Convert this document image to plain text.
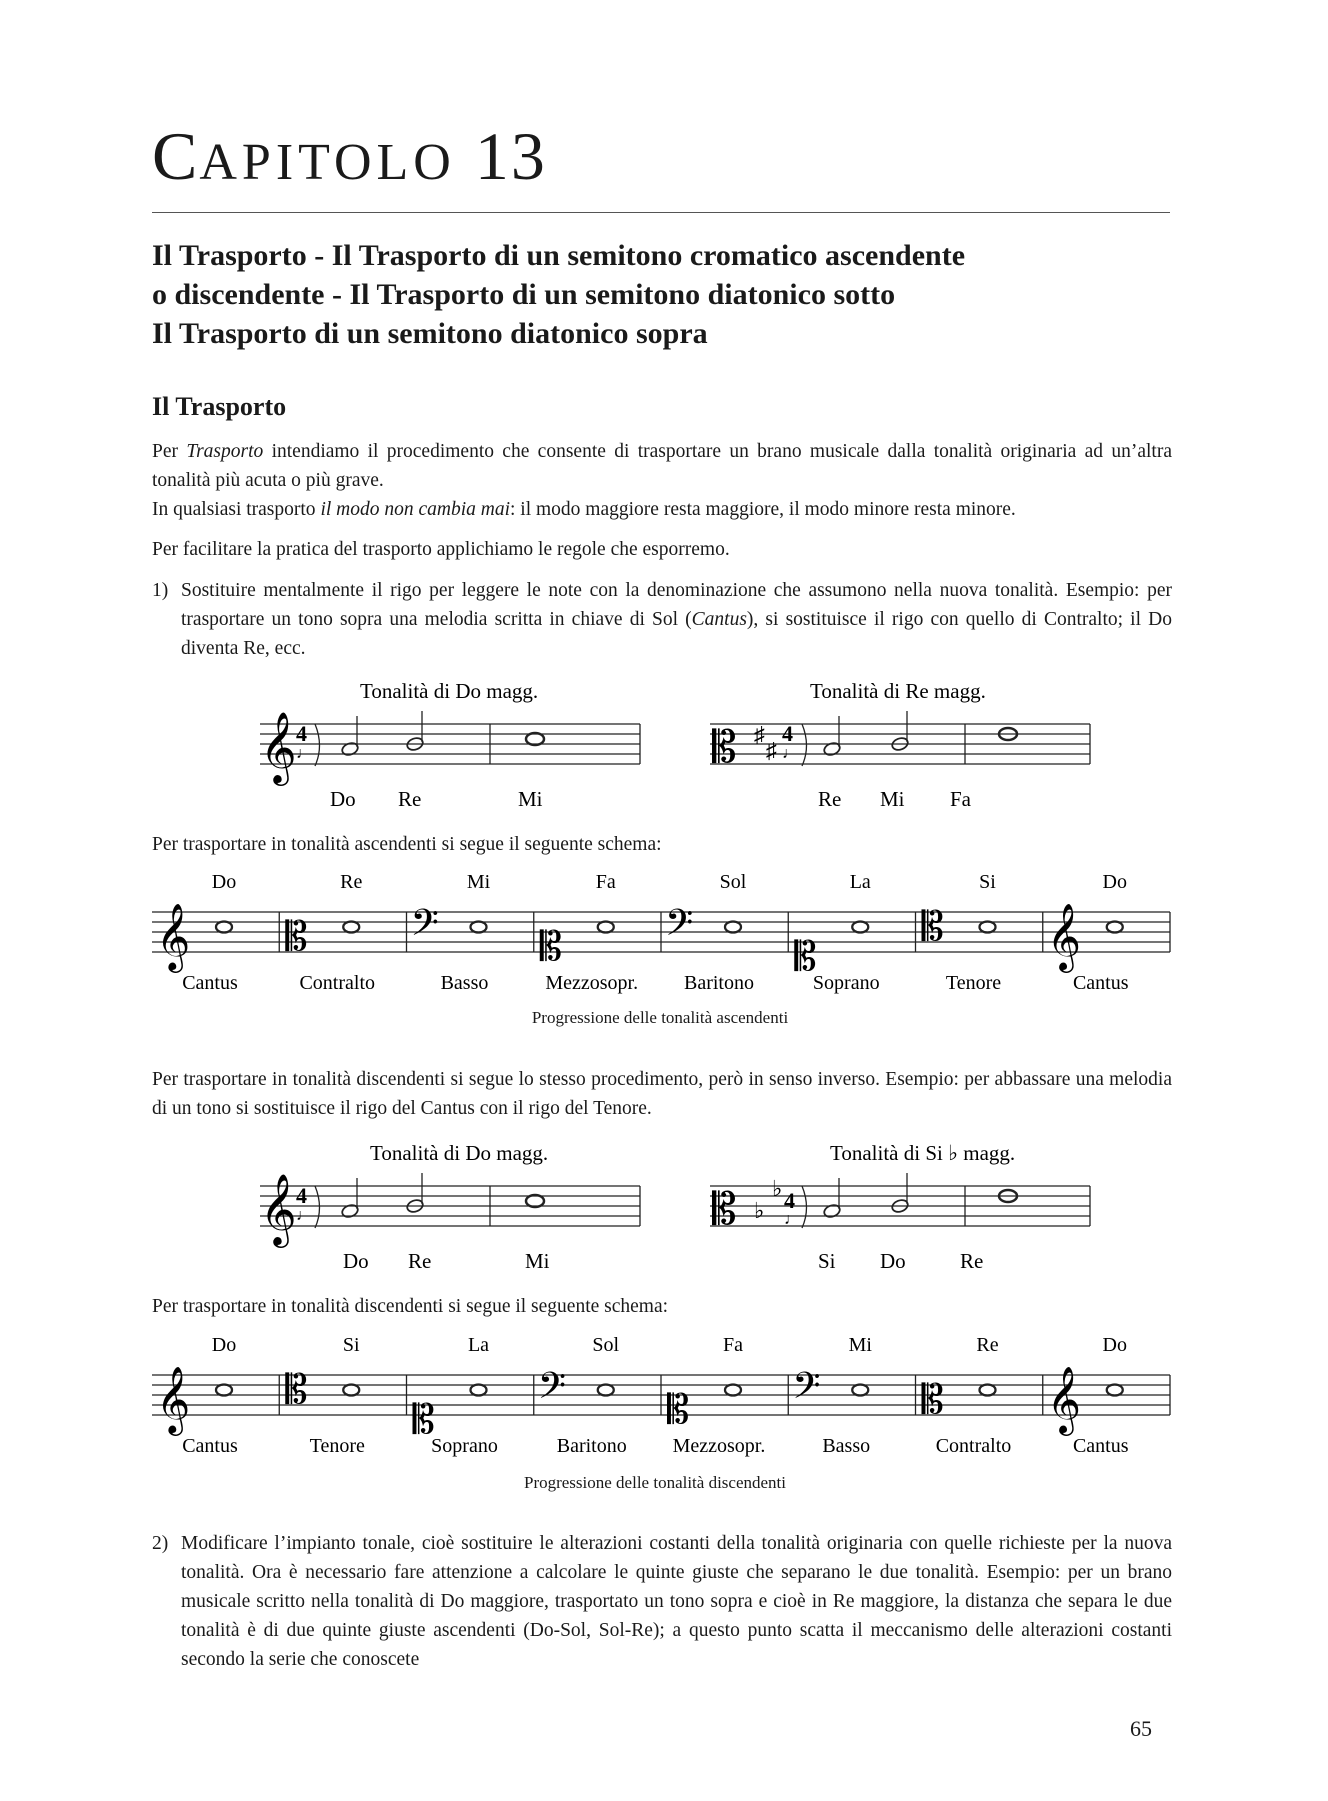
CAPITOLO 13
Il Trasporto - Il Trasporto di un semitono cromatico ascendente
o discendente - Il Trasporto di un semitono diatonico sotto
Il Trasporto di un semitono diatonico sopra
Il Trasporto
Per Trasporto intendiamo il procedimento che consente di trasportare un brano musicale dalla tonalità originaria ad un’altra tonalità più acuta o più grave.
In qualsiasi trasporto il modo non cambia mai: il modo maggiore resta maggiore, il modo minore resta minore.
Per facilitare la pratica del trasporto applichiamo le regole che esporremo.
1) Sostituire mentalmente il rigo per leggere le note con la denominazione che assumono nella nuova tonalità. Esempio: per trasportare un tono sopra una melodia scritta in chiave di Sol (Cantus), si sostituisce il rigo con quello di Contralto; il Do diventa Re, ecc.
Tonalità di Do magg.
𝄞 4
♩
Do Re	Mi
Tonalità di Re magg.
𝄡 ♯
♯
4
♩
Re Mi Fa
Per trasportare in tonalità ascendenti si segue il seguente schema:
𝄞
Do
Cantus
𝄡
Re
Contralto
𝄢
Mi
Basso
𝄡
Fa
Mezzosopr.
𝄢
Sol
Baritono
𝄡
La
Soprano
𝄡
Si
Tenore
𝄞
Do
Cantus
Progressione delle tonalità ascendenti
Per trasportare in tonalità discendenti si segue lo stesso procedimento, però in senso inverso. Esempio: per abbassare una melodia di un tono si sostituisce il rigo del Cantus con il rigo del Tenore.
Tonalità di Do magg.
𝄞 4
♩
Do Re	Mi
Tonalità di Si ♭ magg.
𝄡 ♭
♭ 4
♩
Si Do	Re
Per trasportare in tonalità discendenti si segue il seguente schema:
𝄞
Do
Cantus
𝄡
Si
Tenore
𝄡
La
Soprano
𝄢
Sol
Baritono
𝄡
Fa
Mezzosopr.
𝄢
Mi
Basso
𝄡
Re
Contralto
𝄞
Do
Cantus
Progressione delle tonalità discendenti
2) Modificare l’impianto tonale, cioè sostituire le alterazioni costanti della tonalità originaria con quelle richieste per la nuova tonalità. Ora è necessario fare attenzione a calcolare le quinte giuste che separano le due tonalità. Esempio: per un brano musicale scritto nella tonalità di Do maggiore, trasportato un tono sopra e cioè in Re maggiore, la distanza che separa le due tonalità è di due quinte giuste ascendenti (Do-Sol, Sol-Re); a questo punto scatta il meccanismo delle alterazioni costanti secondo la serie che conoscete
65
